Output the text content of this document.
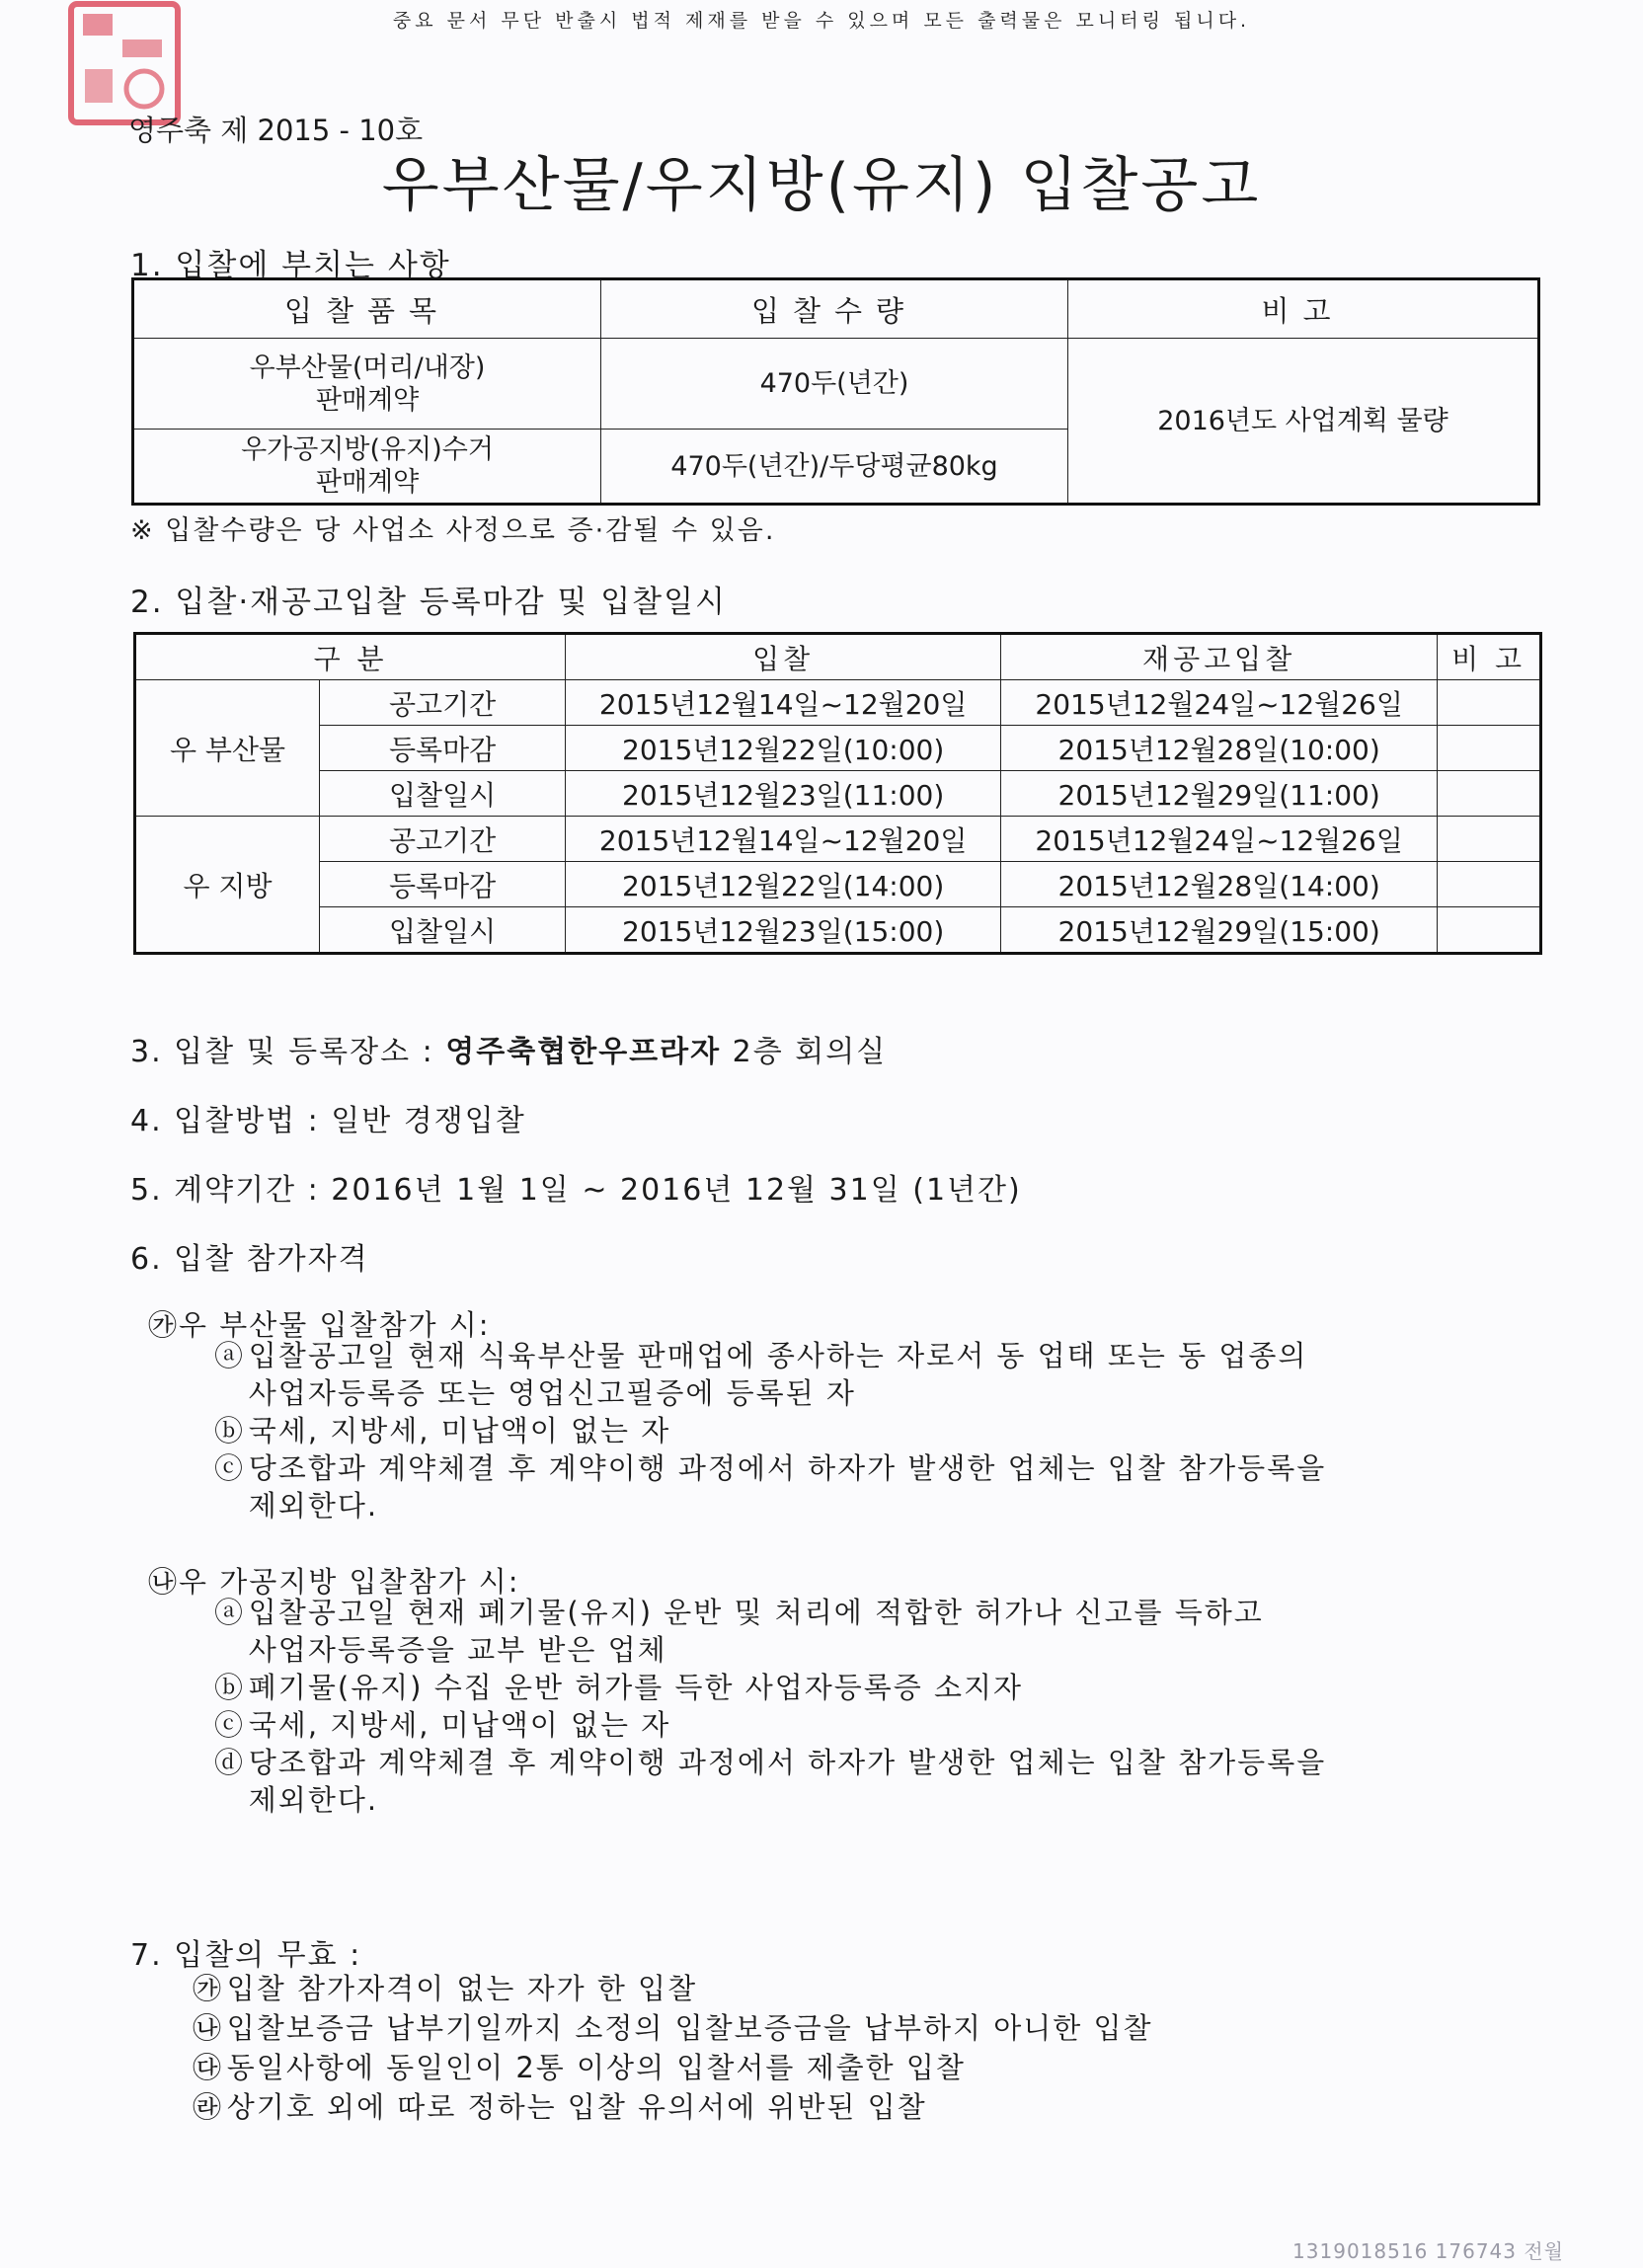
중요 문서 무단 반출시 법적 제재를 받을 수 있으며 모든 출력물은 모니터링 됩니다.
영주축 제 2015 - 10호
우부산물/우지방(유지) 입찰공고
1. 입찰에 부치는 사항
입찰품목	입찰수량	비고
우부산물(머리/내장)
판매계약	470두(년간)	2016년도 사업계획 물량
우가공지방(유지)수거
판매계약	470두(년간)/두당평균80kg	
※ 입찰수량은 당 사업소 사정으로 증·감될 수 있음.
2. 입찰·재공고입찰 등록마감 및 입찰일시
구 분		입찰	재공고입찰	비 고
우 부산물	공고기간	2015년12월14일~12월20일	2015년12월24일~12월26일	
	등록마감	2015년12월22일(10:00)	2015년12월28일(10:00)	
	입찰일시	2015년12월23일(11:00)	2015년12월29일(11:00)	
우 지방	공고기간	2015년12월14일~12월20일	2015년12월24일~12월26일	
	등록마감	2015년12월22일(14:00)	2015년12월28일(14:00)	
	입찰일시	2015년12월23일(15:00)	2015년12월29일(15:00)	
3. 입찰 및 등록장소 : 영주축협한우프라자 2층 회의실
4. 입찰방법 : 일반 경쟁입찰
5. 계약기간 : 2016년 1월 1일 ~ 2016년 12월 31일 (1년간)
6. 입찰 참가자격
㉮우 부산물 입찰참가 시:
ⓐ 입찰공고일 현재 식육부산물 판매업에 종사하는 자로서 동 업태 또는 동 업종의
사업자등록증 또는 영업신고필증에 등록된 자
ⓑ 국세, 지방세, 미납액이 없는 자
ⓒ 당조합과 계약체결 후 계약이행 과정에서 하자가 발생한 업체는 입찰 참가등록을
제외한다.
㉯우 가공지방 입찰참가 시:
ⓐ 입찰공고일 현재 폐기물(유지) 운반 및 처리에 적합한 허가나 신고를 득하고
사업자등록증을 교부 받은 업체
ⓑ 폐기물(유지) 수집 운반 허가를 득한 사업자등록증 소지자
ⓒ 국세, 지방세, 미납액이 없는 자
ⓓ 당조합과 계약체결 후 계약이행 과정에서 하자가 발생한 업체는 입찰 참가등록을
제외한다.
7. 입찰의 무효 :
㉮ 입찰 참가자격이 없는 자가 한 입찰
㉯ 입찰보증금 납부기일까지 소정의 입찰보증금을 납부하지 아니한 입찰
㉰ 동일사항에 동일인이 2통 이상의 입찰서를 제출한 입찰
㉱ 상기호 외에 따로 정하는 입찰 유의서에 위반된 입찰
1319018516 176743 전월
